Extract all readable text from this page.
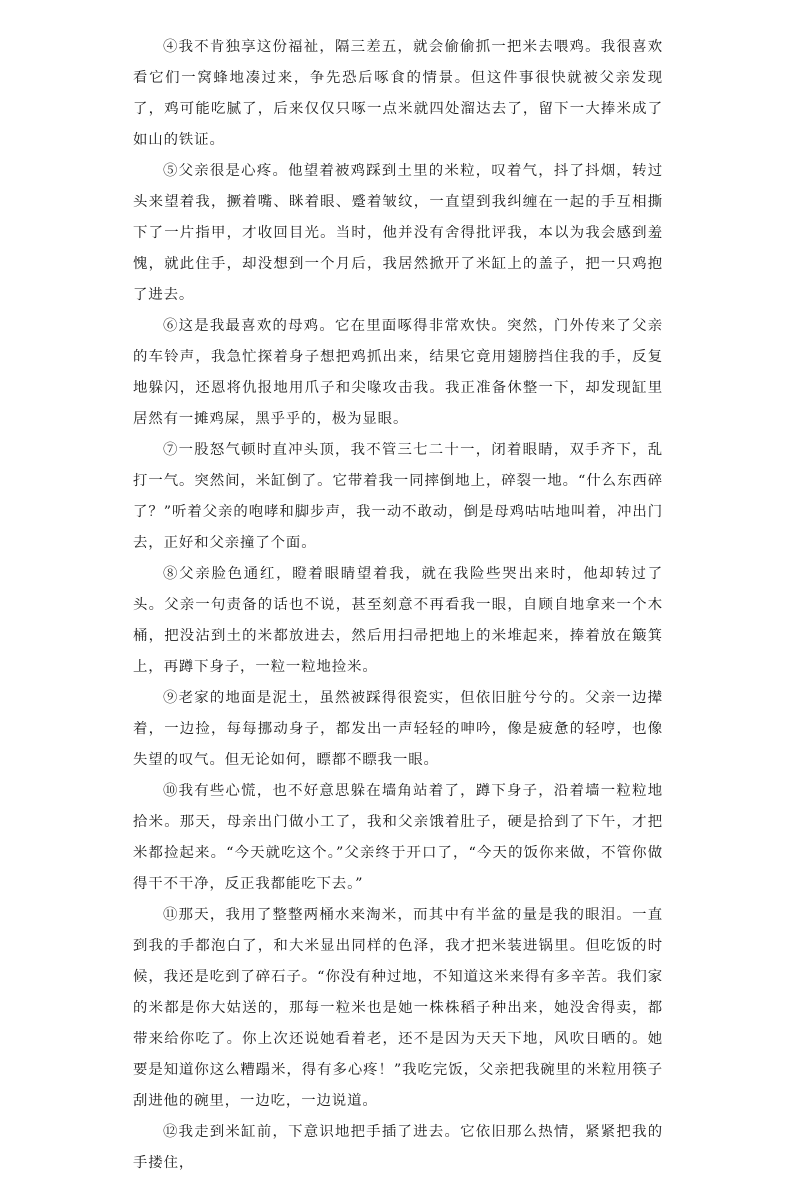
④我不肯独享这份福祉，隔三差五，就会偷偷抓一把米去喂鸡。我很喜欢看它们一窝蜂地凑过来，争先恐后啄食的情景。但这件事很快就被父亲发现了，鸡可能吃腻了，后来仅仅只啄一点米就四处溜达去了，留下一大捧米成了如山的铁证。

⑤父亲很是心疼。他望着被鸡踩到土里的米粒，叹着气，抖了抖烟，转过头来望着我，撅着嘴、眯着眼、蹙着皱纹，一直望到我纠缠在一起的手互相撕下了一片指甲，才收回目光。当时，他并没有舍得批评我，本以为我会感到羞愧，就此住手，却没想到一个月后，我居然掀开了米缸上的盖子，把一只鸡抱了进去。

⑥这是我最喜欢的母鸡。它在里面啄得非常欢快。突然，门外传来了父亲的车铃声，我急忙探着身子想把鸡抓出来，结果它竟用翅膀挡住我的手，反复地躲闪，还恩将仇报地用爪子和尖喙攻击我。我正准备休整一下，却发现缸里居然有一摊鸡屎，黑乎乎的，极为显眼。

⑦一股怒气顿时直冲头顶，我不管三七二十一，闭着眼睛，双手齐下，乱打一气。突然间，米缸倒了。它带着我一同摔倒地上，碎裂一地。“什么东西碎了？”听着父亲的咆哮和脚步声，我一动不敢动，倒是母鸡咕咕地叫着，冲出门去，正好和父亲撞了个面。

⑧父亲脸色通红，瞪着眼睛望着我，就在我险些哭出来时，他却转过了头。父亲一句责备的话也不说，甚至刻意不再看我一眼，自顾自地拿来一个木桶，把没沾到土的米都放进去，然后用扫帚把地上的米堆起来，捧着放在簸箕上，再蹲下身子，一粒一粒地捡米。

⑨老家的地面是泥土，虽然被踩得很瓷实，但依旧脏兮兮的。父亲一边撵着，一边捡，每每挪动身子，都发出一声轻轻的呻吟，像是疲惫的轻哼，也像失望的叹气。但无论如何，瞟都不瞟我一眼。

⑩我有些心慌，也不好意思躲在墙角站着了，蹲下身子，沿着墙一粒粒地拾米。那天，母亲出门做小工了，我和父亲饿着肚子，硬是拾到了下午，才把米都捡起来。“今天就吃这个。”父亲终于开口了，“今天的饭你来做，不管你做得干不干净，反正我都能吃下去。”

⑪那天，我用了整整两桶水来淘米，而其中有半盆的量是我的眼泪。一直到我的手都泡白了，和大米显出同样的色泽，我才把米装进锅里。但吃饭的时候，我还是吃到了碎石子。“你没有种过地，不知道这米来得有多辛苦。我们家的米都是你大姑送的，那每一粒米也是她一株株稻子种出来，她没舍得卖，都带来给你吃了。你上次还说她看着老，还不是因为天天下地，风吹日晒的。她要是知道你这么糟蹋米，得有多心疼！”我吃完饭，父亲把我碗里的米粒用筷子刮进他的碗里，一边吃，一边说道。

⑫我走到米缸前，下意识地把手插了进去。它依旧那么热情，紧紧把我的手搂住，
